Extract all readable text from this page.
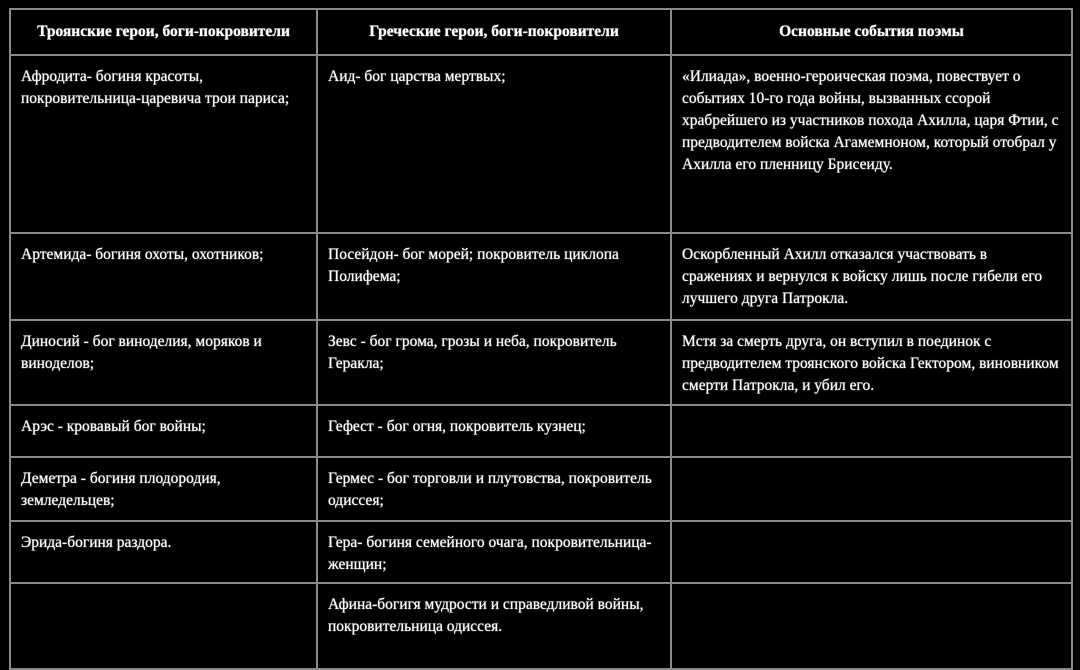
Троянские герои, боги-покровители	Греческие герои, боги-покровители	Основные события поэмы

Афродита- богиня красоты, покровительница-царевича трои париса;	Аид- бог царства мертвых;	«Илиада», военно-героическая поэма, повествует о событиях 10-го года войны, вызванных ссорой храбрейшего из участников похода Ахилла, царя Фтии, с предводителем войска Агамемноном, который отобрал у Ахилла его пленницу Брисеиду.

Артемида- богиня охоты, охотников;	Посейдон- бог морей; покровитель циклопа Полифема;	Оскорбленный Ахилл отказался участвовать в сражениях и вернулся к войску лишь после гибели его лучшего друга Патрокла.

Диносий - бог виноделия, моряков и виноделов;	Зевс - бог грома, грозы и неба, покровитель Геракла;	Мстя за смерть друга, он вступил в поединок с предводителем троянского войска Гектором, виновником смерти Патрокла, и убил его.

Арэс - кровавый бог войны;	Гефест - бог огня, покровитель кузнец;	

Деметра - богиня плодородия, земледельцев;	Гермес - бог торговли и плутовства, покровитель одиссея;	

Эрида-богиня раздора.	Гера- богиня семейного очага, покровительница- женщин;	

	Афина-богигя мудрости и справедливой войны, покровительница одиссея.	
